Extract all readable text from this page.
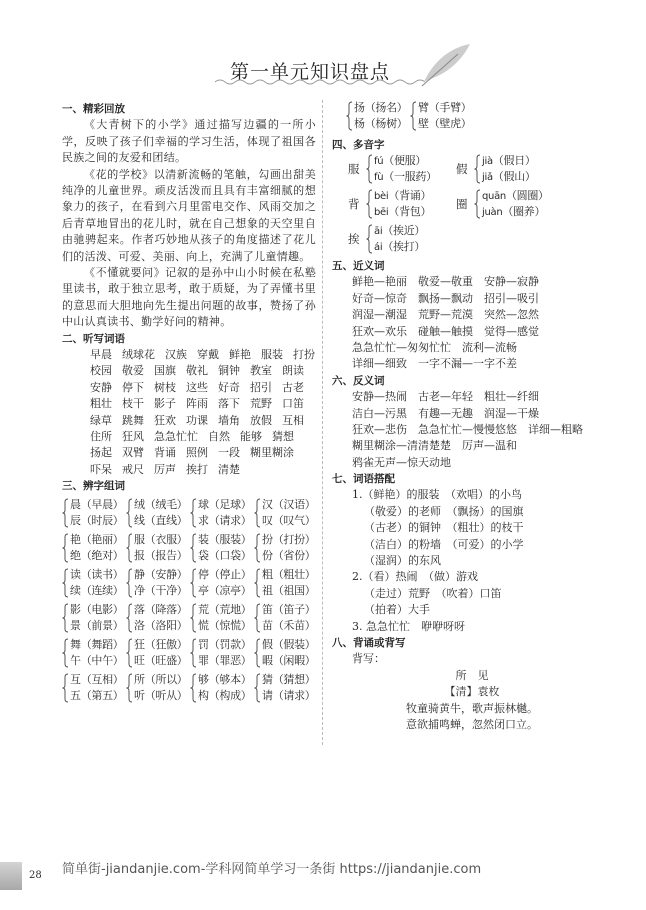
第一单元知识盘点
一、精彩回放
《大青树下的小学》通过描写边疆的一所小学，反映了孩子们幸福的学习生活，体现了祖国各民族之间的友爱和团结。
《花的学校》以清新流畅的笔触，勾画出甜美纯净的儿童世界。顽皮活泼而且具有丰富细腻的想象力的孩子，在看到六月里雷电交作、风雨交加之后青草地冒出的花儿时，就在自己想象的天空里自由驰骋起来。作者巧妙地从孩子的角度描述了花儿们的活泼、可爱、美丽、向上，充满了儿童情趣。
《不懂就要问》记叙的是孙中山小时候在私塾里读书，敢于独立思考，敢于质疑，为了弄懂书里的意思而大胆地向先生提出问题的故事，赞扬了孙中山认真读书、勤学好问的精神。
二、听写词语
早晨 绒球花 汉族 穿戴 鲜艳 服装 打扮
校园 敬爱 国旗 敬礼 铜钟 教室 朗读
安静 停下 树枝 这些 好奇 招引 古老
粗壮 枝干 影子 阵雨 落下 荒野 口笛
绿草 跳舞 狂欢 功课 墙角 放假 互相
住所 狂风 急急忙忙 自然 能够 猜想
扬起 双臂 背诵 照例 一段 糊里糊涂
吓呆 戒尺 厉声 挨打 清楚
三、辨字组词
晨（早晨）
辰（时辰）
绒（绒毛）
线（直线）
球（足球）
求（请求）
汉（汉语）
叹（叹气）
艳（艳丽）
绝（绝对）
服（衣服）
报（报告）
装（服装）
袋（口袋）
扮（打扮）
份（省份）
读（读书）
续（连续）
静（安静）
净（干净）
停（停止）
亭（凉亭）
粗（粗壮）
祖（祖国）
影（电影）
景（前景）
落（降落）
洛（洛阳）
荒（荒地）
慌（惊慌）
笛（笛子）
苗（禾苗）
舞（舞蹈）
午（中午）
狂（狂傲）
旺（旺盛）
罚（罚款）
罪（罪恶）
假（假装）
暇（闲暇）
互（互相）
五（第五）
所（所以）
听（听从）
够（够本）
构（构成）
猜（猜想）
请（请求）
扬（扬名）
杨（杨树）
臂（手臂）
壁（壁虎）
四、多音字
服
fú（便服）
fù（一服药）
假
jià（假日）
jiǎ（假山）
背
bèi（背诵）
bēi（背包）
圈
quān（圆圈）
juàn（圈养）
挨
āi（挨近）
ái（挨打）
五、近义词
鲜艳—艳丽　敬爱—敬重　安静—寂静
好奇—惊奇　飘扬—飘动　招引—吸引
润湿—潮湿　荒野—荒漠　突然—忽然
狂欢—欢乐　碰触—触摸　觉得—感觉
急急忙忙—匆匆忙忙　流利—流畅
详细—细致　一字不漏—一字不差
六、反义词
安静—热闹　古老—年轻　粗壮—纤细
洁白—污黑　有趣—无趣　润湿—干燥
狂欢—悲伤　急急忙忙—慢慢悠悠　详细—粗略
糊里糊涂—清清楚楚　厉声—温和
鸦雀无声—惊天动地
七、词语搭配
1.（鲜艳）的服装　（欢唱）的小鸟
（敬爱）的老师　（飘扬）的国旗
（古老）的铜钟　（粗壮）的枝干
（洁白）的粉墙　（可爱）的小学
（湿润）的东风
2.（看）热闹　（做）游戏
（走过）荒野　（吹着）口笛
（拍着）大手
3. 急急忙忙　咿咿呀呀
八、背诵或背写
背写：
所　见
【清】袁枚
牧童骑黄牛，歌声振林樾。
意欲捕鸣蝉，忽然闭口立。
28 简单街-jiandanjie.com-学科网简单学习一条街 https://jiandanjie.com
